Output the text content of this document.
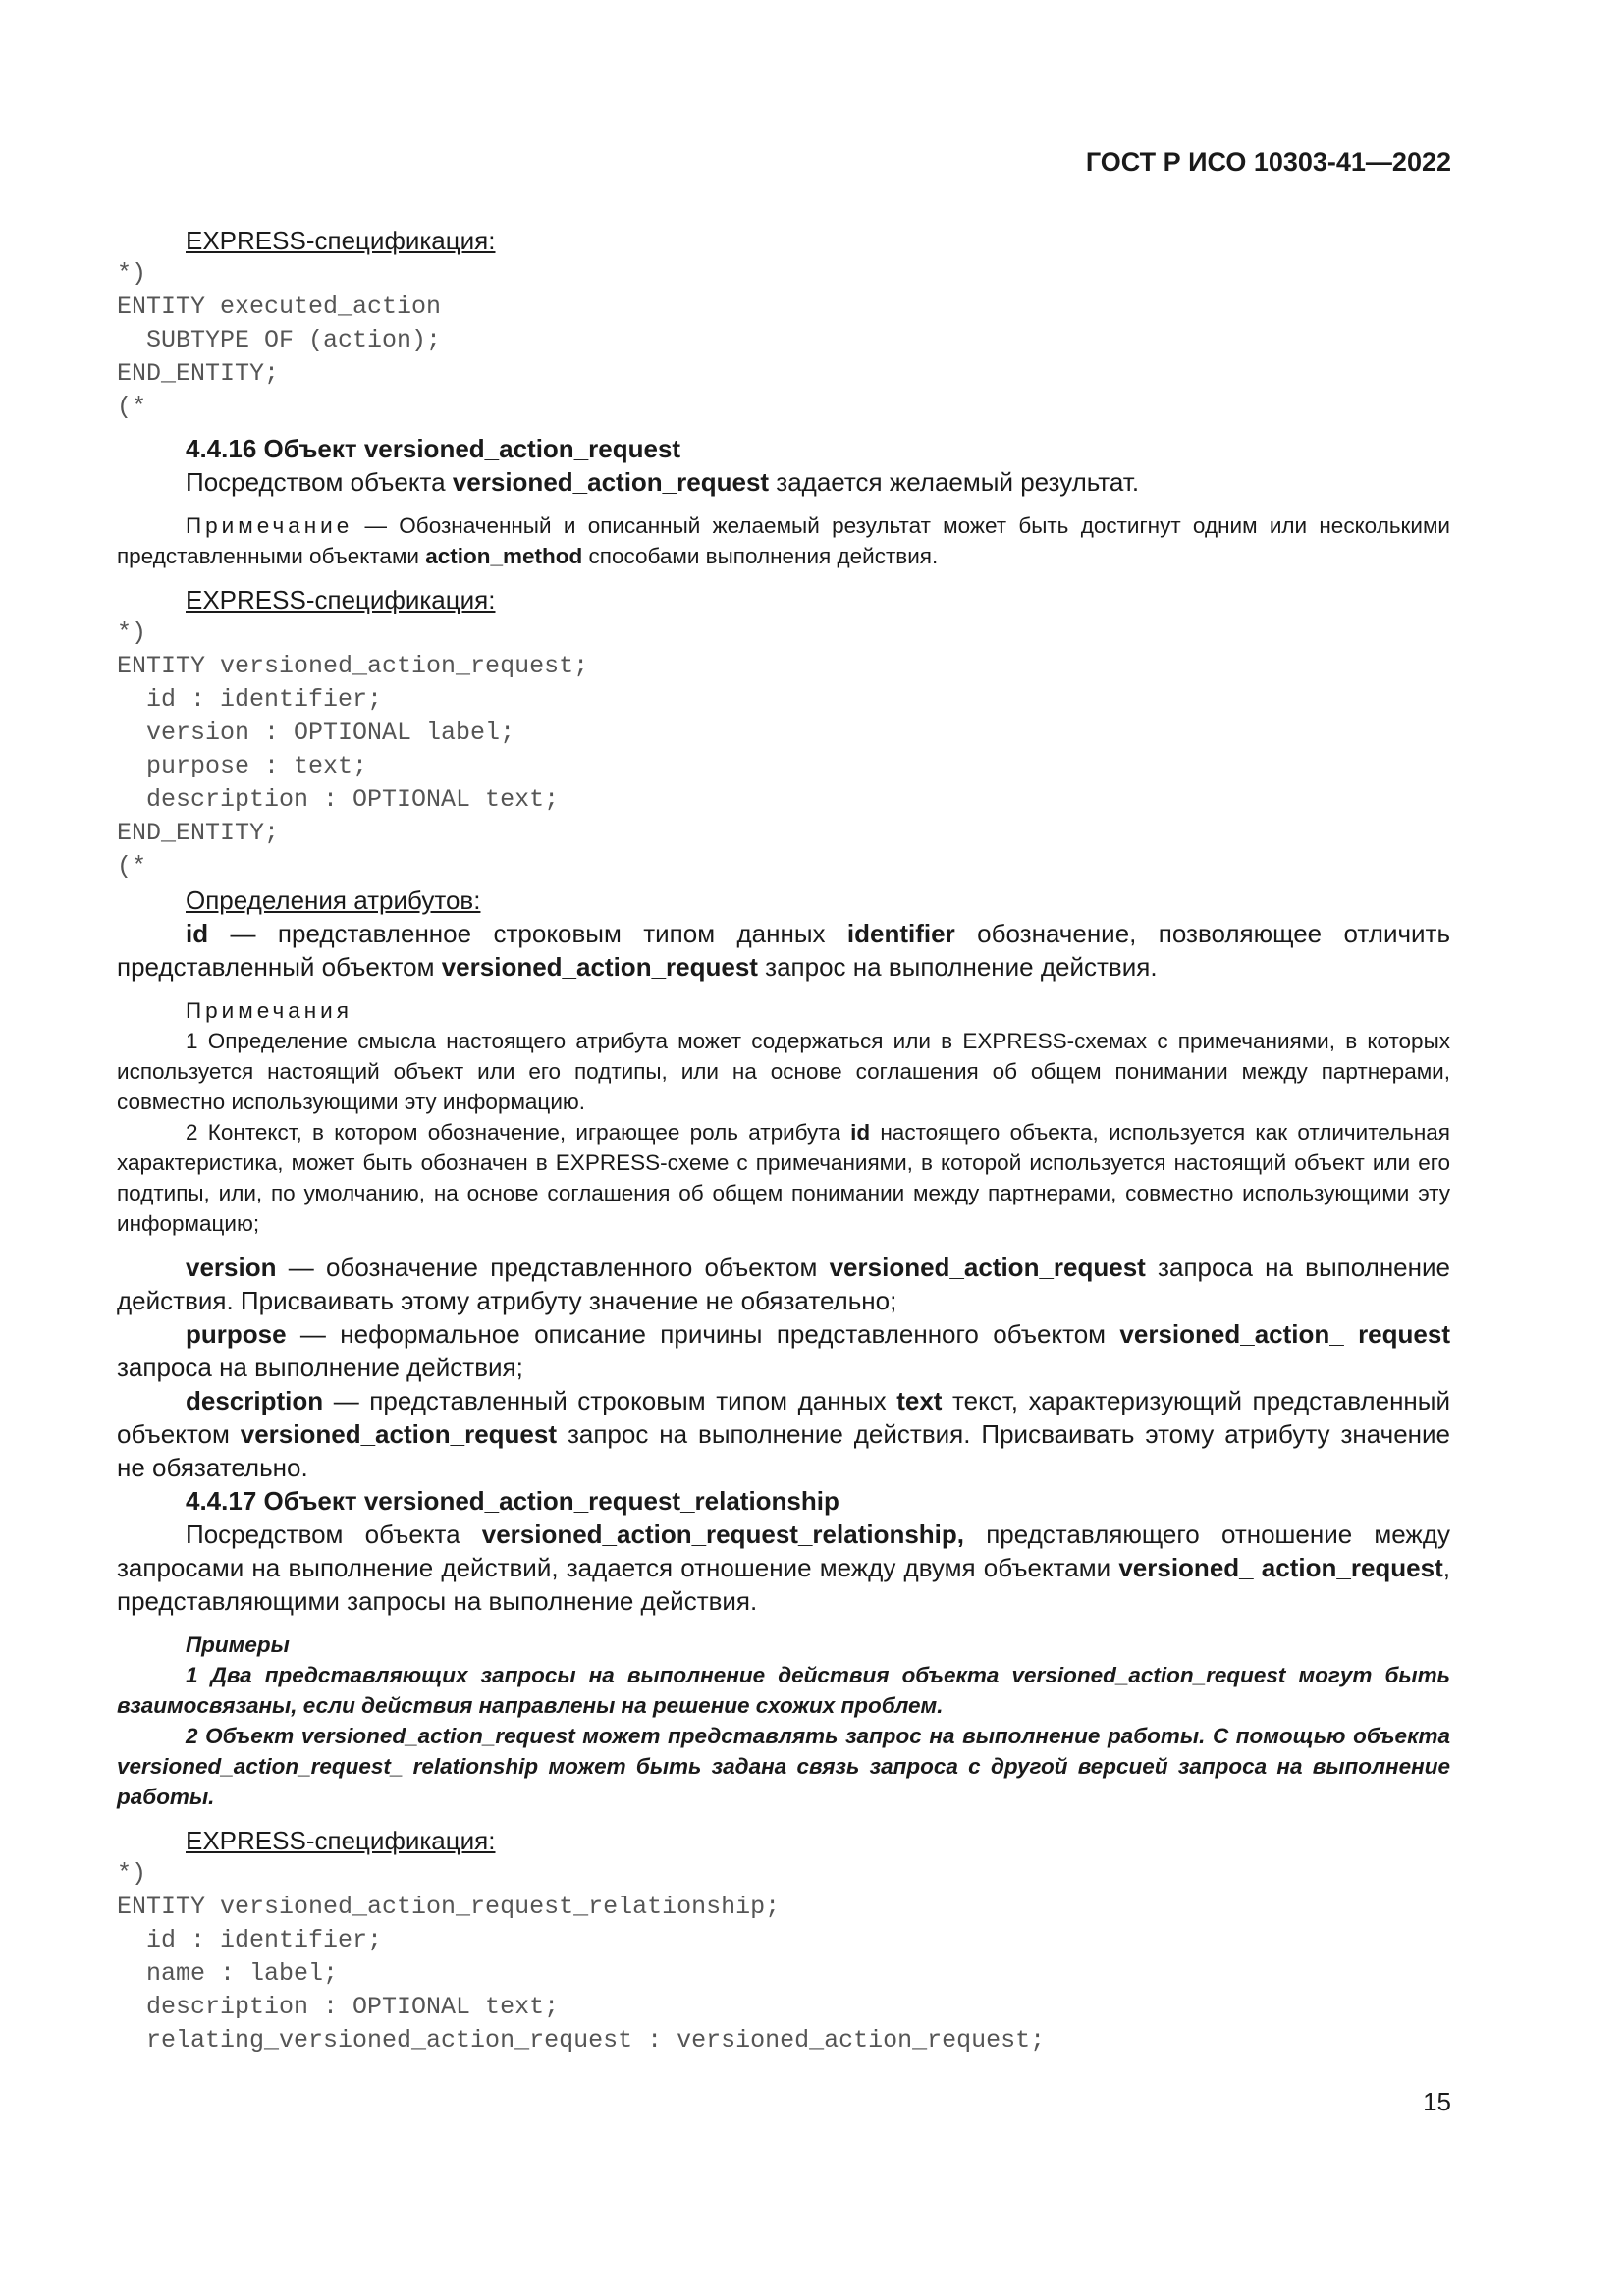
ГОСТ Р ИСО 10303-41—2022

EXPRESS-спецификация:

*)
ENTITY executed_action
SUBTYPE OF (action);
END_ENTITY;
(*

4.4.16 Объект versioned_action_request

Посредством объекта versioned_action_request задается желаемый результат.

Примечание — Обозначенный и описанный желаемый результат может быть достигнут одним или несколькими представленными объектами action_method способами выполнения действия.

EXPRESS-спецификация:

*)
ENTITY versioned_action_request;
id : identifier;
version : OPTIONAL label;
purpose : text;
description : OPTIONAL text;
END_ENTITY;
(*

Определения атрибутов:

id — представленное строковым типом данных identifier обозначение, позволяющее отличить представленный объектом versioned_action_request запрос на выполнение действия.

Примечания

1 Определение смысла настоящего атрибута может содержаться или в EXPRESS-схемах с примечаниями, в которых используется настоящий объект или его подтипы, или на основе соглашения об общем понимании между партнерами, совместно использующими эту информацию.

2 Контекст, в котором обозначение, играющее роль атрибута id настоящего объекта, используется как отличительная характеристика, может быть обозначен в EXPRESS-схеме с примечаниями, в которой используется настоящий объект или его подтипы, или, по умолчанию, на основе соглашения об общем понимании между партнерами, совместно использующими эту информацию;

version — обозначение представленного объектом versioned_action_request запроса на выполнение действия. Присваивать этому атрибуту значение не обязательно;

purpose — неформальное описание причины представленного объектом versioned_action_ request запроса на выполнение действия;

description — представленный строковым типом данных text текст, характеризующий представленный объектом versioned_action_request запрос на выполнение действия. Присваивать этому атрибуту значение не обязательно.

4.4.17 Объект versioned_action_request_relationship

Посредством объекта versioned_action_request_relationship, представляющего отношение между запросами на выполнение действий, задается отношение между двумя объектами versioned_ action_request, представляющими запросы на выполнение действия.

Примеры

1 Два представляющих запросы на выполнение действия объекта versioned_action_request могут быть взаимосвязаны, если действия направлены на решение схожих проблем.

2 Объект versioned_action_request может представлять запрос на выполнение работы. С помощью объекта versioned_action_request_ relationship может быть задана связь запроса с другой версией запроса на выполнение работы.

EXPRESS-спецификация:

*)
ENTITY versioned_action_request_relationship;
id : identifier;
name : label;
description : OPTIONAL text;
relating_versioned_action_request : versioned_action_request;
15
